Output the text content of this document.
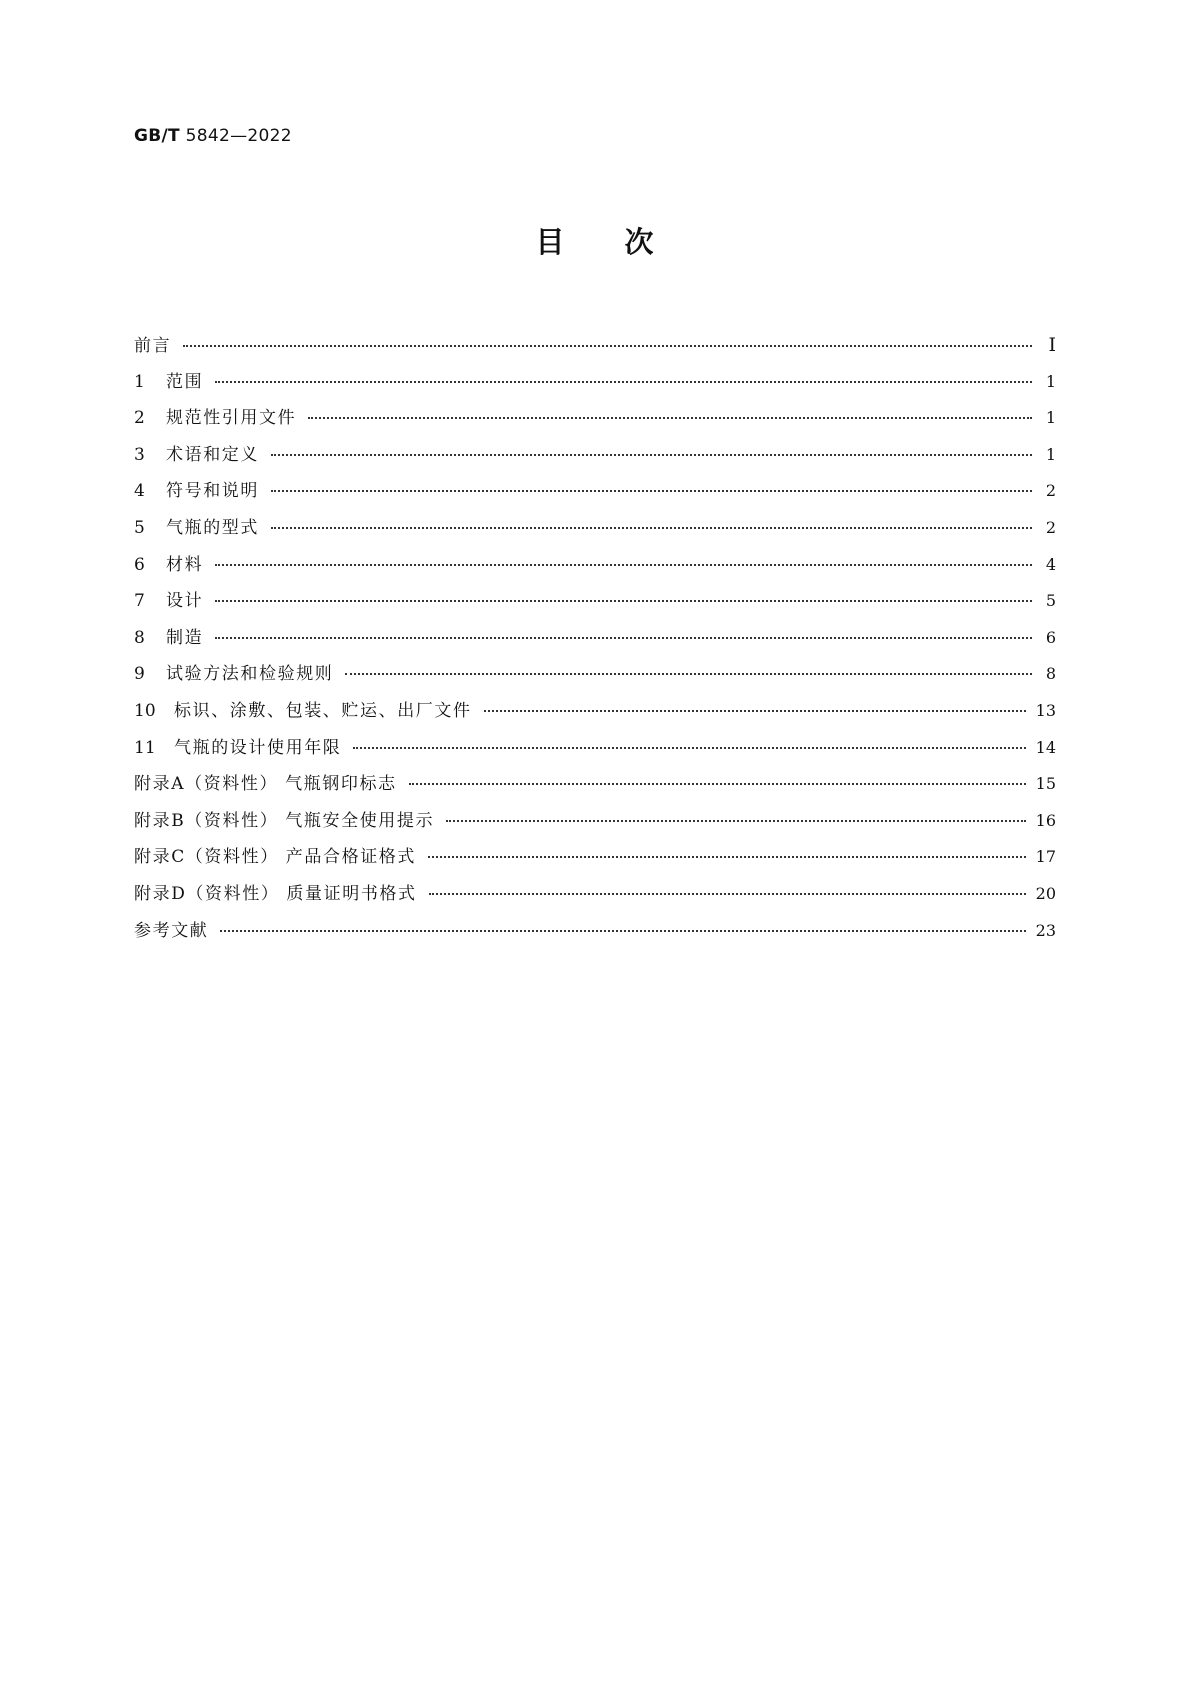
GB/T 5842—2022
目 次
前言	Ⅰ
1	范围	1
2	规范性引用文件	1
3	术语和定义	1
4	符号和说明	2
5	气瓶的型式	2
6	材料	4
7	设计	5
8	制造	6
9	试验方法和检验规则	8
10	标识、涂敷、包装、贮运、出厂文件	13
11	气瓶的设计使用年限	14
附录A（资料性） 气瓶钢印标志	15
附录B（资料性） 气瓶安全使用提示	16
附录C（资料性） 产品合格证格式	17
附录D（资料性） 质量证明书格式	20
参考文献	23
